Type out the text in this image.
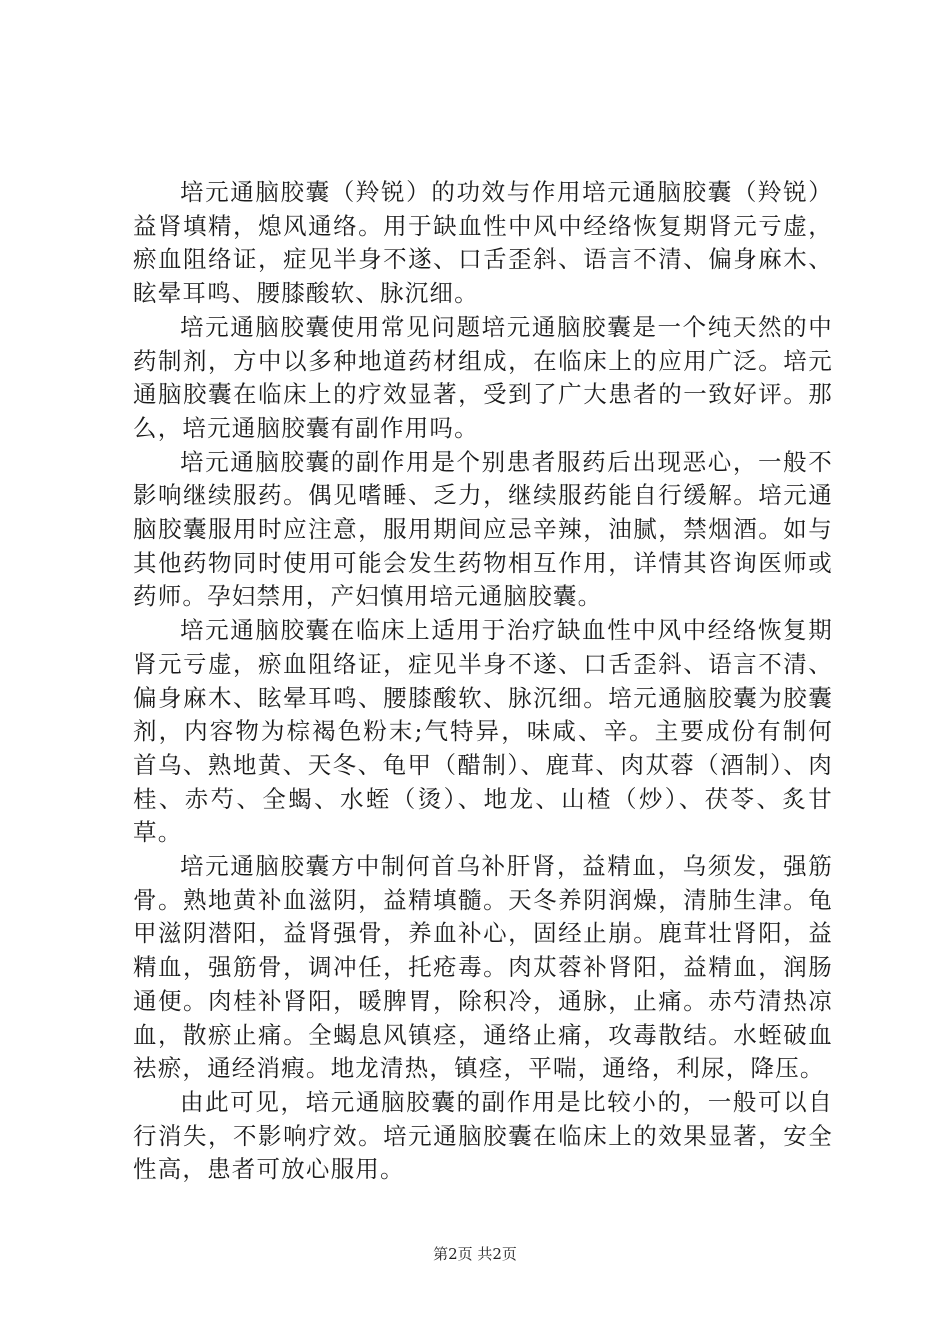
培元通脑胶囊（羚锐）的功效与作用培元通脑胶囊（羚锐）益肾填精，熄风通络。用于缺血性中风中经络恢复期肾元亏虚，瘀血阻络证，症见半身不遂、口舌歪斜、语言不清、偏身麻木、眩晕耳鸣、腰膝酸软、脉沉细。

培元通脑胶囊使用常见问题培元通脑胶囊是一个纯天然的中药制剂，方中以多种地道药材组成，在临床上的应用广泛。培元通脑胶囊在临床上的疗效显著，受到了广大患者的一致好评。那么，培元通脑胶囊有副作用吗。

培元通脑胶囊的副作用是个别患者服药后出现恶心，一般不影响继续服药。偶见嗜睡、乏力，继续服药能自行缓解。培元通脑胶囊服用时应注意，服用期间应忌辛辣，油腻，禁烟酒。如与其他药物同时使用可能会发生药物相互作用，详情其咨询医师或药师。孕妇禁用，产妇慎用培元通脑胶囊。

培元通脑胶囊在临床上适用于治疗缺血性中风中经络恢复期肾元亏虚，瘀血阻络证，症见半身不遂、口舌歪斜、语言不清、偏身麻木、眩晕耳鸣、腰膝酸软、脉沉细。培元通脑胶囊为胶囊剂，内容物为棕褐色粉末;气特异，味咸、辛。主要成份有制何首乌、熟地黄、天冬、龟甲（醋制）、鹿茸、肉苁蓉（酒制）、肉桂、赤芍、全蝎、水蛭（烫）、地龙、山楂（炒）、茯苓、炙甘草。

培元通脑胶囊方中制何首乌补肝肾，益精血，乌须发，强筋骨。熟地黄补血滋阴，益精填髓。天冬养阴润燥，清肺生津。龟甲滋阴潜阳，益肾强骨，养血补心，固经止崩。鹿茸壮肾阳，益精血，强筋骨，调冲任，托疮毒。肉苁蓉补肾阳，益精血，润肠通便。肉桂补肾阳，暖脾胃，除积冷，通脉，止痛。赤芍清热凉血，散瘀止痛。全蝎息风镇痉，通络止痛，攻毒散结。水蛭破血祛瘀，通经消瘕。地龙清热，镇痉，平喘，通络，利尿，降压。

由此可见，培元通脑胶囊的副作用是比较小的，一般可以自行消失，不影响疗效。培元通脑胶囊在临床上的效果显著，安全性高，患者可放心服用。

第2页 共2页
